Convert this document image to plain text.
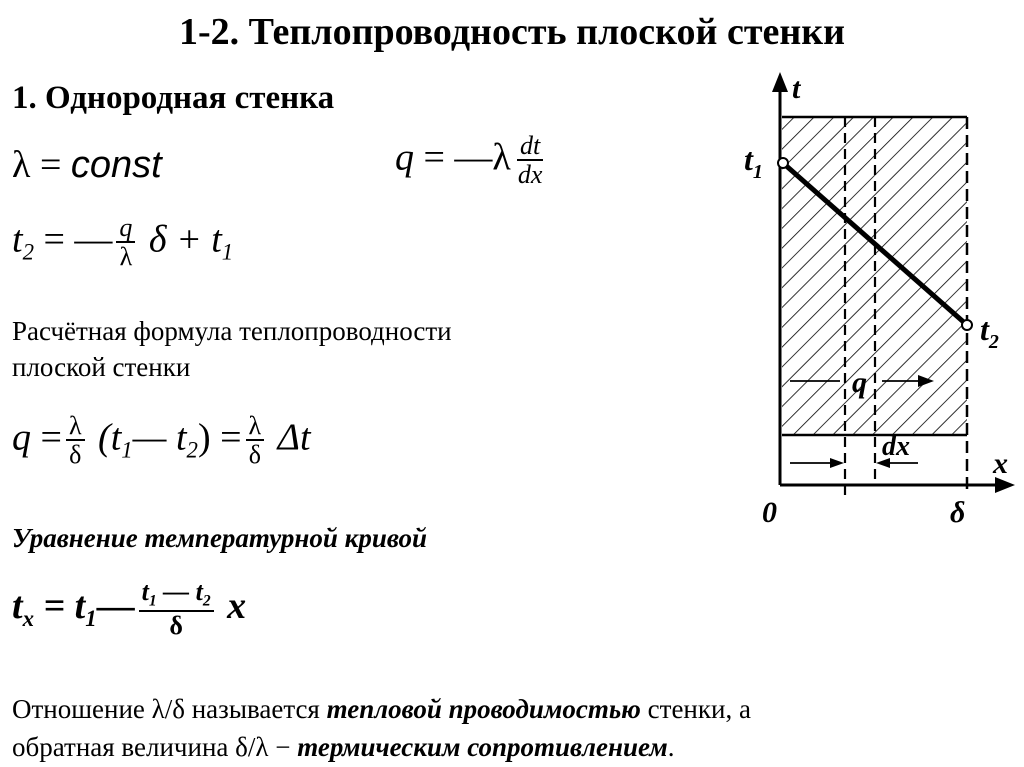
1-2. Теплопроводность плоской стенки
1. Однородная стенка
λ = const	q = —λ $\frac{dt}{dx}$
$t_2$ = — $\frac{q}{\lambda}$ $\delta + t_1$
Расчётная формула теплопроводности
плоской стенки
$q = \frac{\lambda}{\delta}$ ($t_1—$ $t_2) = \frac{\lambda}{\delta}$ Δt
Уравнение температурной кривой
$t_x$ = $t_1— \frac{t_1 — t_2}{\delta}$ x
Отношение λ/δ называется тепловой проводимостью стенки, а
обратная величина δ/λ − термическим сопротивлением.
t
x
$t_1$
$t_2$
q
dx
0	δ
